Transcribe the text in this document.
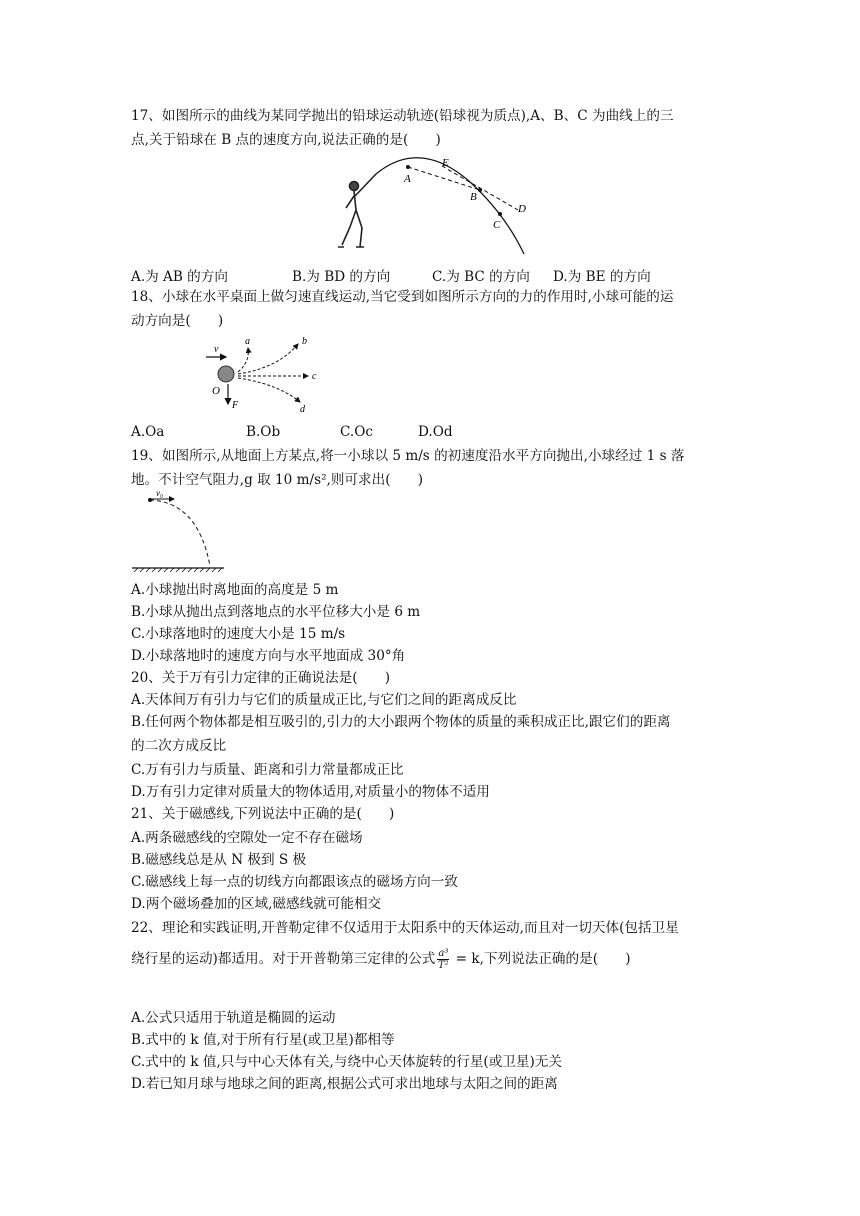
17、如图所示的曲线为某同学抛出的铅球运动轨迹(铅球视为质点),A、B、C 为曲线上的三
点,关于铅球在 B 点的速度方向,说法正确的是(　　)
E
A
B
C
D
A.为 AB 的方向	B.为 BD 的方向	C.为 BC 的方向 D.为 BE 的方向
18、小球在水平桌面上做匀速直线运动,当它受到如图所示方向的力的作用时,小球可能的运
动方向是(　　)
v
O
F
a	b
c
d
A.Oa	B.Ob	C.Oc	D.Od
19、如图所示,从地面上方某点,将一小球以 5 m/s 的初速度沿水平方向抛出,小球经过 1 s 落
地。不计空气阻力,g 取 10 m/s²,则可求出(　　)
v₀
A.小球抛出时离地面的高度是 5 m
B.小球从抛出点到落地点的水平位移大小是 6 m
C.小球落地时的速度大小是 15 m/s
D.小球落地时的速度方向与水平地面成 30°角
20、关于万有引力定律的正确说法是(　　)
A.天体间万有引力与它们的质量成正比,与它们之间的距离成反比
B.任何两个物体都是相互吸引的,引力的大小跟两个物体的质量的乘积成正比,跟它们的距离
的二次方成反比
C.万有引力与质量、距离和引力常量都成正比
D.万有引力定律对质量大的物体适用,对质量小的物体不适用
21、关于磁感线,下列说法中正确的是(　　)
A.两条磁感线的空隙处一定不存在磁场
B.磁感线总是从 N 极到 S 极
C.磁感线上每一点的切线方向都跟该点的磁场方向一致
D.两个磁场叠加的区域,磁感线就可能相交
22、理论和实践证明,开普勒定律不仅适用于太阳系中的天体运动,而且对一切天体(包括卫星
绕行星的运动)都适用。对于开普勒第三定律的公式 $\frac{\text{a³}}{\text{T²}} = k$,下列说法正确的是(　　)
A.公式只适用于轨道是椭圆的运动
B.式中的 k 值,对于所有行星(或卫星)都相等
C.式中的 k 值,只与中心天体有关,与绕中心天体旋转的行星(或卫星)无关
D.若已知月球与地球之间的距离,根据公式可求出地球与太阳之间的距离
